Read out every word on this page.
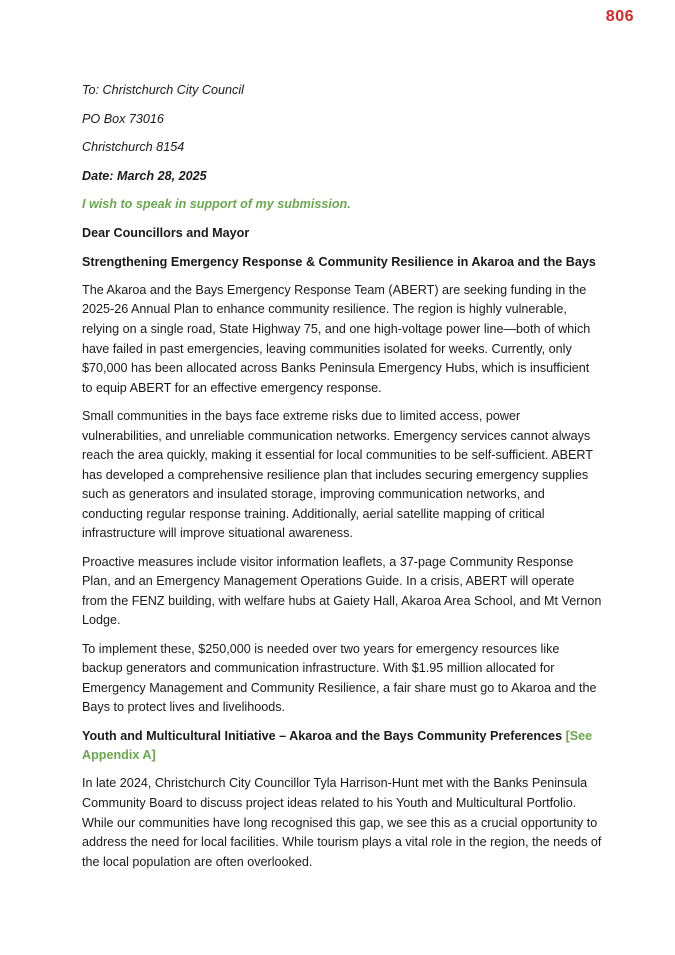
806
To: Christchurch City Council
PO Box 73016
Christchurch 8154
Date: March 28, 2025
I wish to speak in support of my submission.
Dear Councillors and Mayor
Strengthening Emergency Response & Community Resilience in Akaroa and the Bays

The Akaroa and the Bays Emergency Response Team (ABERT) are seeking funding in the 2025-26 Annual Plan to enhance community resilience. The region is highly vulnerable, relying on a single road, State Highway 75, and one high-voltage power line—both of which have failed in past emergencies, leaving communities isolated for weeks. Currently, only $70,000 has been allocated across Banks Peninsula Emergency Hubs, which is insufficient to equip ABERT for an effective emergency response.

Small communities in the bays face extreme risks due to limited access, power vulnerabilities, and unreliable communication networks. Emergency services cannot always reach the area quickly, making it essential for local communities to be self-sufficient. ABERT has developed a comprehensive resilience plan that includes securing emergency supplies such as generators and insulated storage, improving communication networks, and conducting regular response training. Additionally, aerial satellite mapping of critical infrastructure will improve situational awareness.

Proactive measures include visitor information leaflets, a 37-page Community Response Plan, and an Emergency Management Operations Guide. In a crisis, ABERT will operate from the FENZ building, with welfare hubs at Gaiety Hall, Akaroa Area School, and Mt Vernon Lodge.

To implement these, $250,000 is needed over two years for emergency resources like backup generators and communication infrastructure. With $1.95 million allocated for Emergency Management and Community Resilience, a fair share must go to Akaroa and the Bays to protect lives and livelihoods.

Youth and Multicultural Initiative – Akaroa and the Bays Community Preferences [See Appendix A]

In late 2024, Christchurch City Councillor Tyla Harrison-Hunt met with the Banks Peninsula Community Board to discuss project ideas related to his Youth and Multicultural Portfolio. While our communities have long recognised this gap, we see this as a crucial opportunity to address the need for local facilities. While tourism plays a vital role in the region, the needs of the local population are often overlooked.
